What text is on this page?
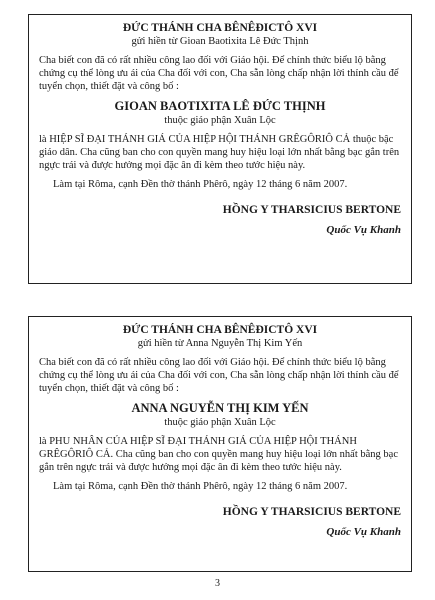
ĐỨC THÁNH CHA BÊNÊĐICTÔ XVI

gửi hiền từ Gioan Baotixita Lê Đức Thịnh

Cha biết con đã có rất nhiều công lao đối với Giáo hội. Để chính thức biểu lộ bằng chứng cụ thể lòng ưu ái của Cha đối với con, Cha sẵn lòng chấp nhận lời thỉnh cầu để tuyển chọn, thiết đặt và công bố :

GIOAN BAOTIXITA LÊ ĐỨC THỊNH

thuộc giáo phận Xuân Lộc

là HIỆP SĨ ĐẠI THÁNH GIÁ CỦA HIỆP HỘI THÁNH GRÊGÔRIÔ CẢ thuộc bậc giáo dân. Cha cũng ban cho con quyền mang huy hiệu loại lớn nhất bằng bạc gắn trên ngực trái và được hưởng mọi đặc ân đi kèm theo tước hiệu này.

Làm tại Rôma, cạnh Đền thờ thánh Phêrô, ngày 12 tháng 6 năm 2007.

HỒNG Y THARSICIUS BERTONE

Quốc Vụ Khanh

ĐỨC THÁNH CHA BÊNÊĐICTÔ XVI

gửi hiền từ Anna Nguyễn Thị Kim Yến

Cha biết con đã có rất nhiều công lao đối với Giáo hội. Để chính thức biểu lộ bằng chứng cụ thể lòng ưu ái của Cha đối với con, Cha sẵn lòng chấp nhận lời thỉnh cầu để tuyển chọn, thiết đặt và công bố :

ANNA NGUYỄN THỊ KIM YẾN

thuộc giáo phận Xuân Lộc

là PHU NHÂN CỦA HIỆP SĨ ĐẠI THÁNH GIÁ CỦA HIỆP HỘI THÁNH GRÊGÔRIÔ CẢ. Cha cũng ban cho con quyền mang huy hiệu loại lớn nhất bằng bạc gắn trên ngực trái và được hưởng mọi đặc ân đi kèm theo tước hiệu này.

Làm tại Rôma, cạnh Đền thờ thánh Phêrô, ngày 12 tháng 6 năm 2007.

HỒNG Y THARSICIUS BERTONE

Quốc Vụ Khanh

3
